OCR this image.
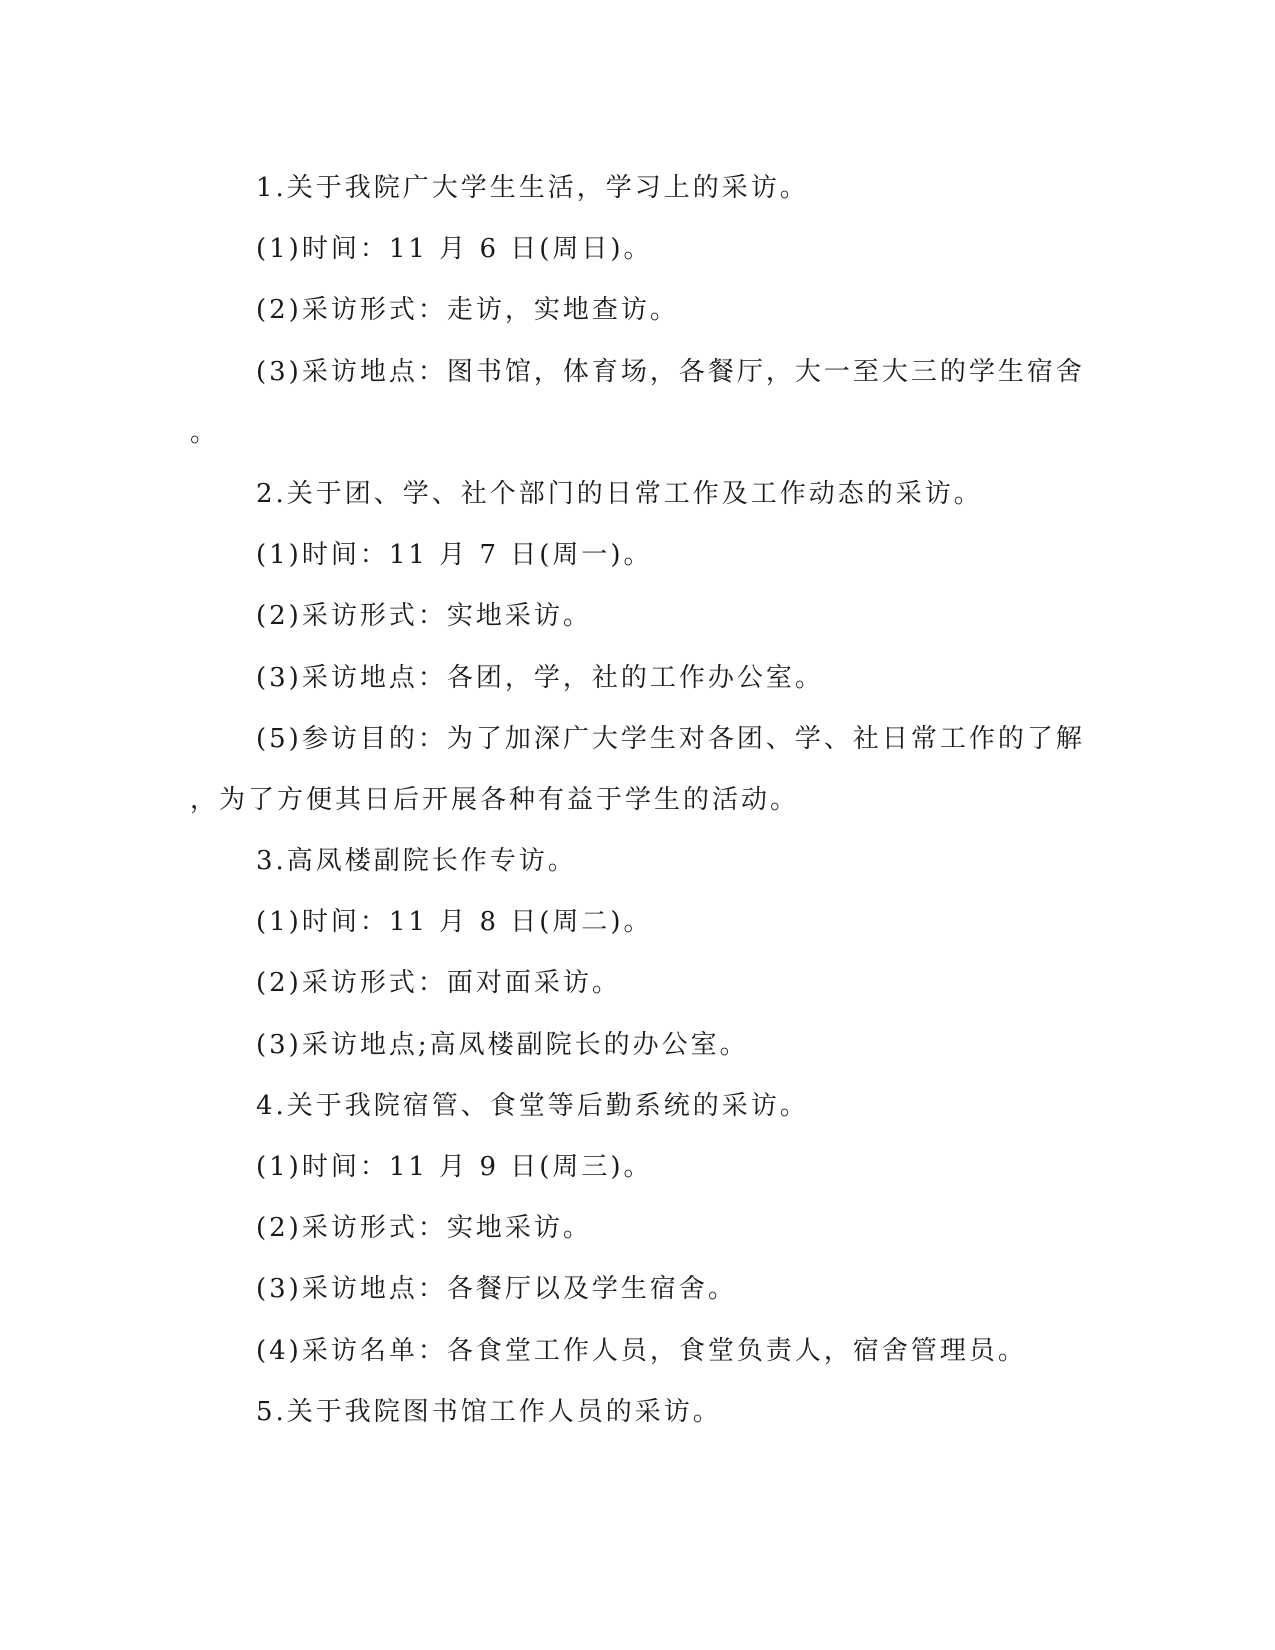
1.关于我院广大学生生活，学习上的采访。
(1)时间：11 月 6 日(周日)。
(2)采访形式：走访，实地查访。
(3)采访地点：图书馆，体育场，各餐厅，大一至大三的学生宿舍
。
2.关于团、学、社个部门的日常工作及工作动态的采访。
(1)时间：11 月 7 日(周一)。
(2)采访形式：实地采访。
(3)采访地点：各团，学，社的工作办公室。
(5)参访目的：为了加深广大学生对各团、学、社日常工作的了解
，为了方便其日后开展各种有益于学生的活动。
3.高凤楼副院长作专访。
(1)时间：11 月 8 日(周二)。
(2)采访形式：面对面采访。
(3)采访地点;高凤楼副院长的办公室。
4.关于我院宿管、食堂等后勤系统的采访。
(1)时间：11 月 9 日(周三)。
(2)采访形式：实地采访。
(3)采访地点：各餐厅以及学生宿舍。
(4)采访名单：各食堂工作人员，食堂负责人，宿舍管理员。
5.关于我院图书馆工作人员的采访。
